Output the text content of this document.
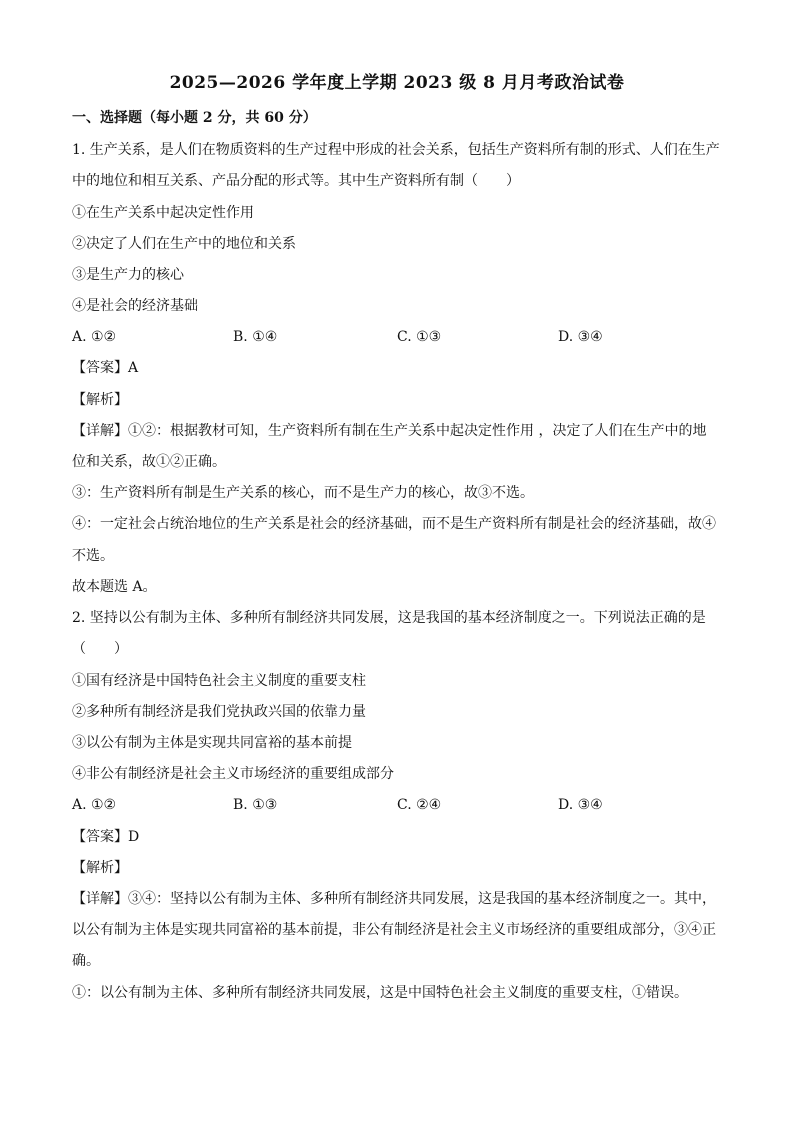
2025—2026 学年度上学期 2023 级 8 月月考政治试卷
一、选择题（每小题 2 分，共 60 分）
1. 生产关系，是人们在物质资料的生产过程中形成的社会关系，包括生产资料所有制的形式、人们在生产
中的地位和相互关系、产品分配的形式等。其中生产资料所有制（　　）
①在生产关系中起决定性作用
②决定了人们在生产中的地位和关系
③是生产力的核心
④是社会的经济基础
A. ①②	B. ①④	C. ①③	D. ③④
【答案】A
【解析】
【详解】①②：根据教材可知，生产资料所有制在生产关系中起决定性作用 ，决定了人们在生产中的地
位和关系，故①②正确。
③：生产资料所有制是生产关系的核心，而不是生产力的核心，故③不选。
④：一定社会占统治地位的生产关系是社会的经济基础，而不是生产资料所有制是社会的经济基础，故④
不选。
故本题选 A。
2. 坚持以公有制为主体、多种所有制经济共同发展，这是我国的基本经济制度之一。下列说法正确的是
（　　）
①国有经济是中国特色社会主义制度的重要支柱
②多种所有制经济是我们党执政兴国的依靠力量
③以公有制为主体是实现共同富裕的基本前提
④非公有制经济是社会主义市场经济的重要组成部分
A. ①②	B. ①③	C. ②④	D. ③④
【答案】D
【解析】
【详解】③④：坚持以公有制为主体、多种所有制经济共同发展，这是我国的基本经济制度之一。其中，
以公有制为主体是实现共同富裕的基本前提，非公有制经济是社会主义市场经济的重要组成部分，③④正
确。
①：以公有制为主体、多种所有制经济共同发展，这是中国特色社会主义制度的重要支柱，①错误。
